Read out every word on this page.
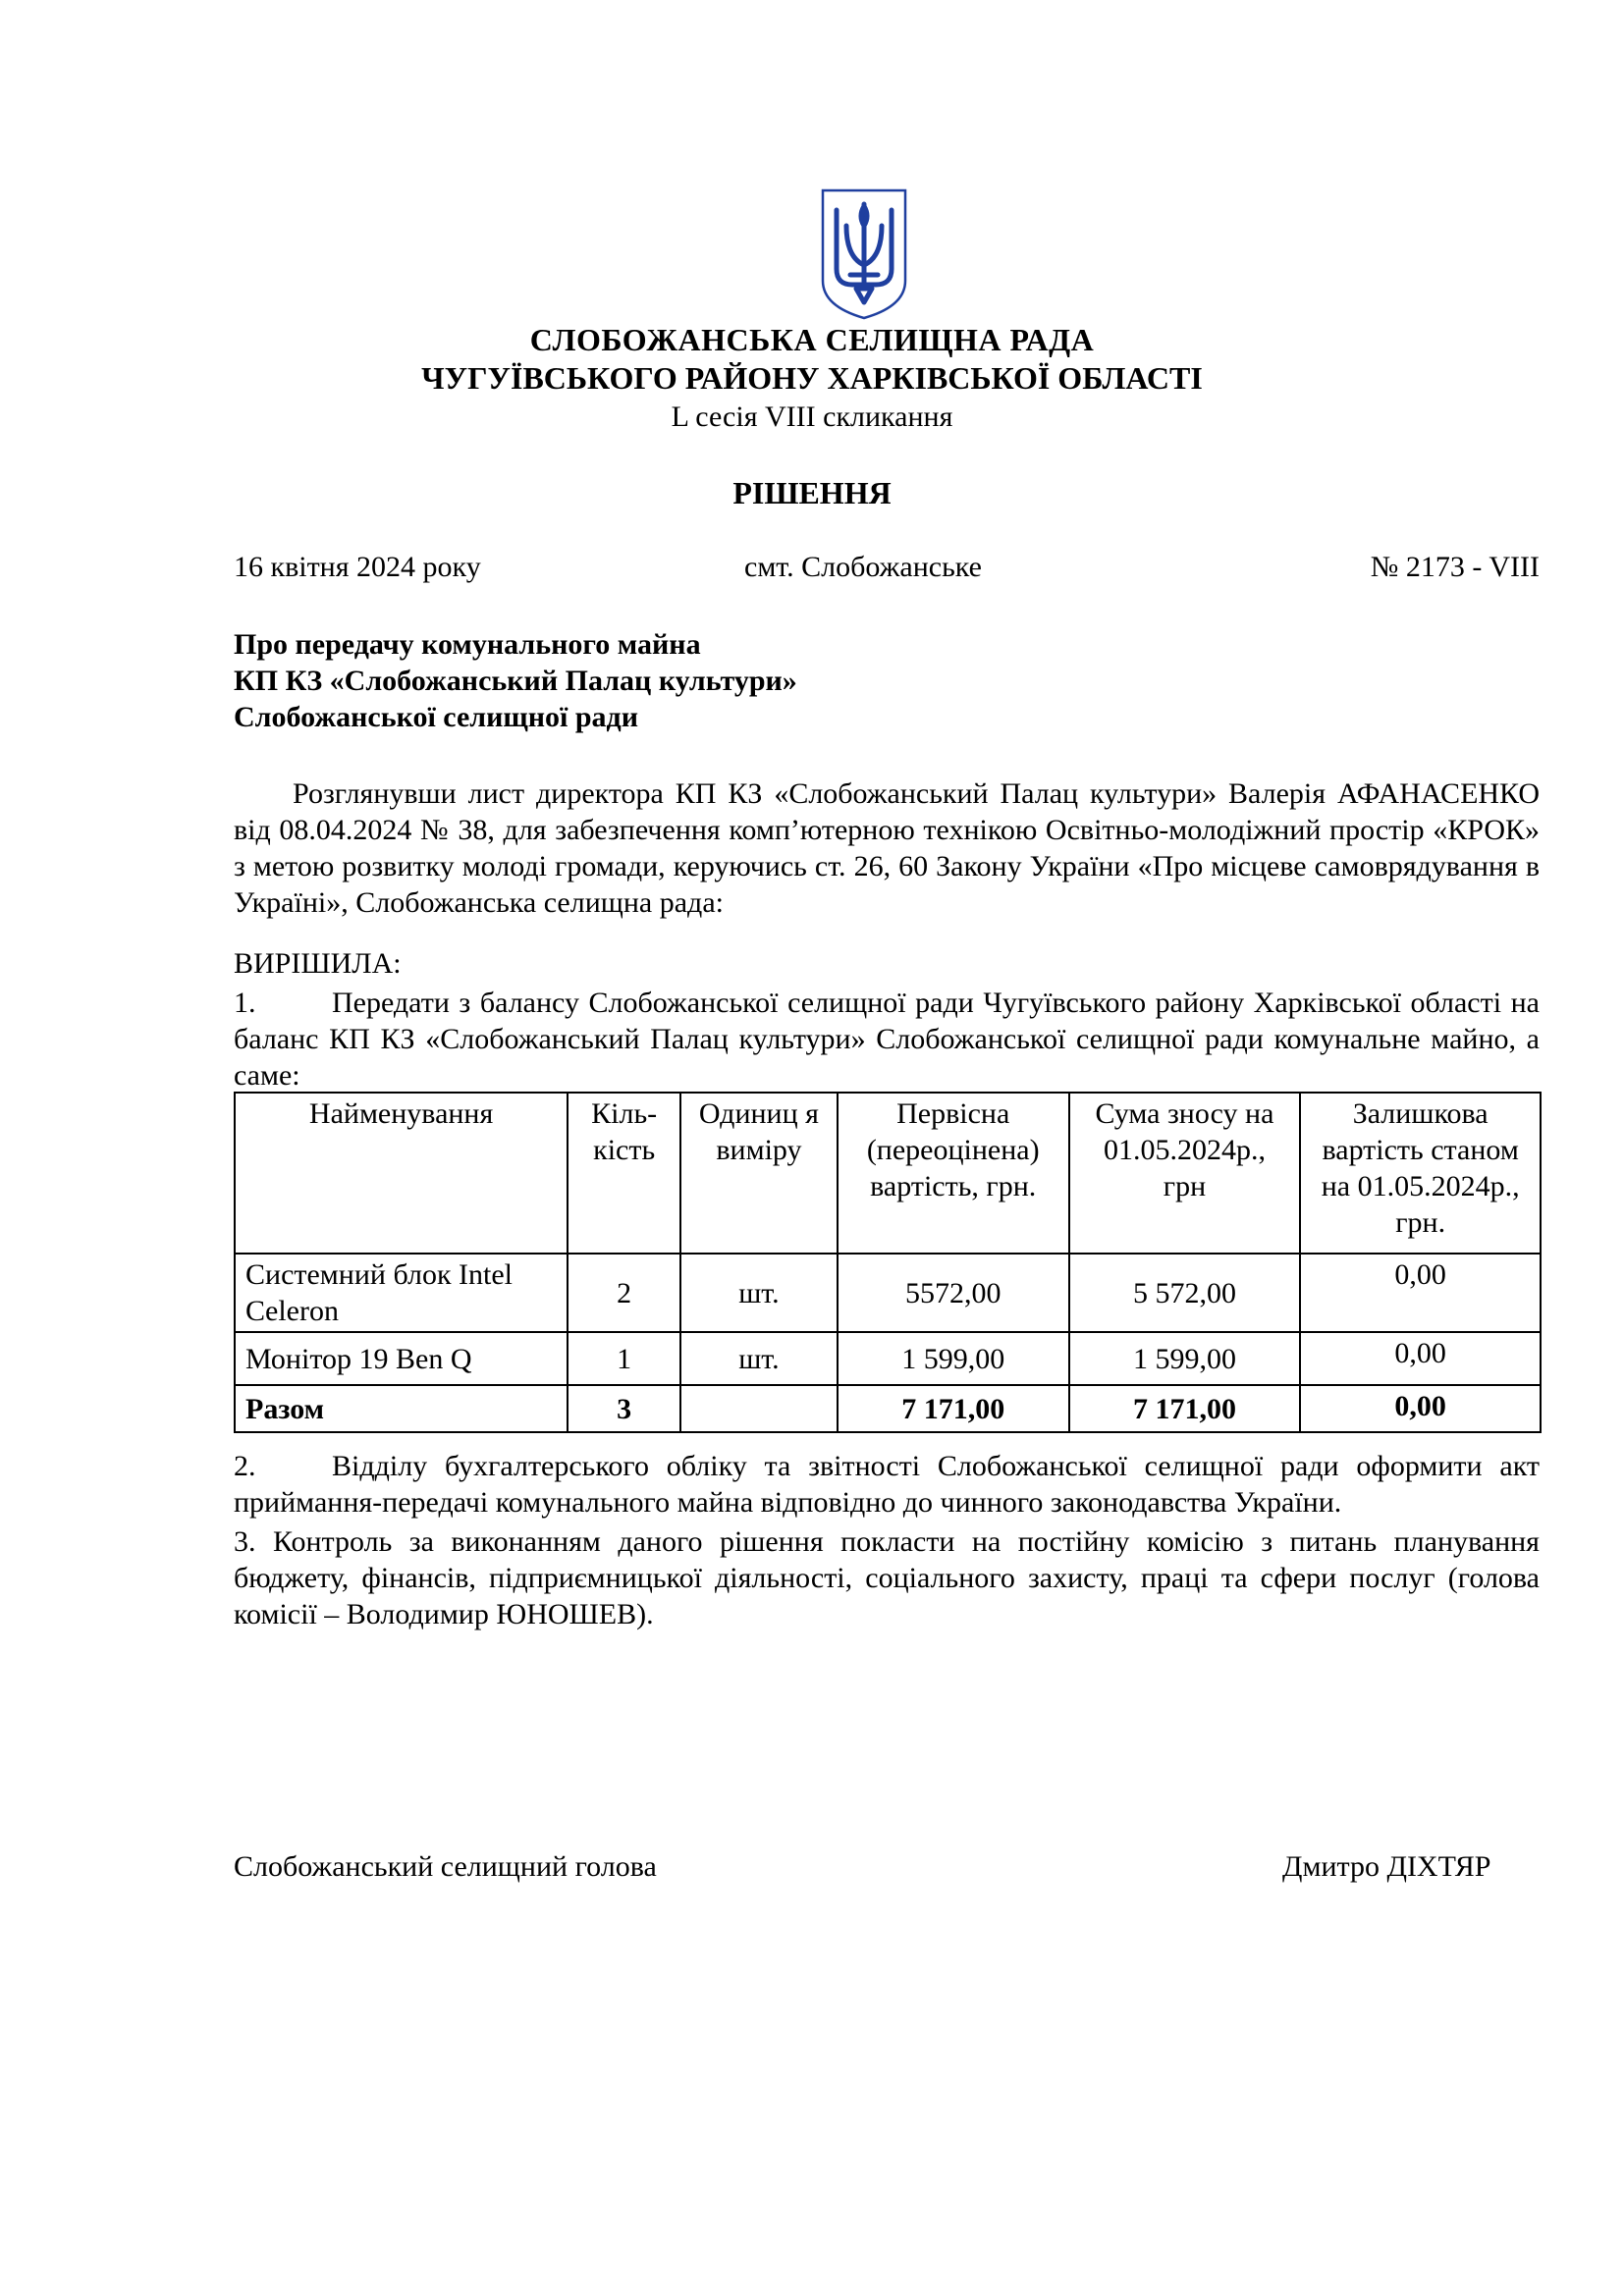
СЛОБОЖАНСЬКА СЕЛИЩНА РАДА
ЧУГУЇВСЬКОГО РАЙОНУ ХАРКІВСЬКОЇ ОБЛАСТІ
L сесія VIII скликання
РІШЕННЯ
16 квітня 2024 року	смт. Слобожанське	№ 2173 - VIII
Про передачу комунального майна
КП КЗ «Слобожанський Палац культури»
Слобожанської селищної ради
Розглянувши лист директора КП КЗ «Слобожанський Палац культури» Валерія АФАНАСЕНКО від 08.04.2024 № 38, для забезпечення комп’ютерною технікою Освітньо-молодіжний простір «КРОК» з метою розвитку молоді громади, керуючись ст. 26, 60 Закону України «Про місцеве самоврядування в Україні», Слобожанська селищна рада:
ВИРІШИЛА:
1.	Передати з балансу Слобожанської селищної ради Чугуївського району Харківської області на баланс КП КЗ «Слобожанський Палац культури» Слобожанської селищної ради комунальне майно, а саме:
Найменування	Кіль-кість	Одиниц я виміру	Первісна (переоцінена) вартість, грн.	Сума зносу на 01.05.2024р., грн	Залишкова вартість станом на 01.05.2024р., грн.
Системний блок Intel Celeron	2	шт.	5572,00	5 572,00	0,00
Монітор 19 Ben Q	1	шт.	1 599,00	1 599,00	0,00
Разом	3		7 171,00	7 171,00	0,00
2.	Відділу бухгалтерського обліку та звітності Слобожанської селищної ради оформити акт приймання-передачі комунального майна відповідно до чинного законодавства України.
3. Контроль за виконанням даного рішення покласти на постійну комісію з питань планування бюджету, фінансів, підприємницької діяльності, соціального захисту, праці та сфери послуг (голова комісії – Володимир ЮНОШЕВ).
Слобожанський селищний голова	Дмитро ДІХТЯР
